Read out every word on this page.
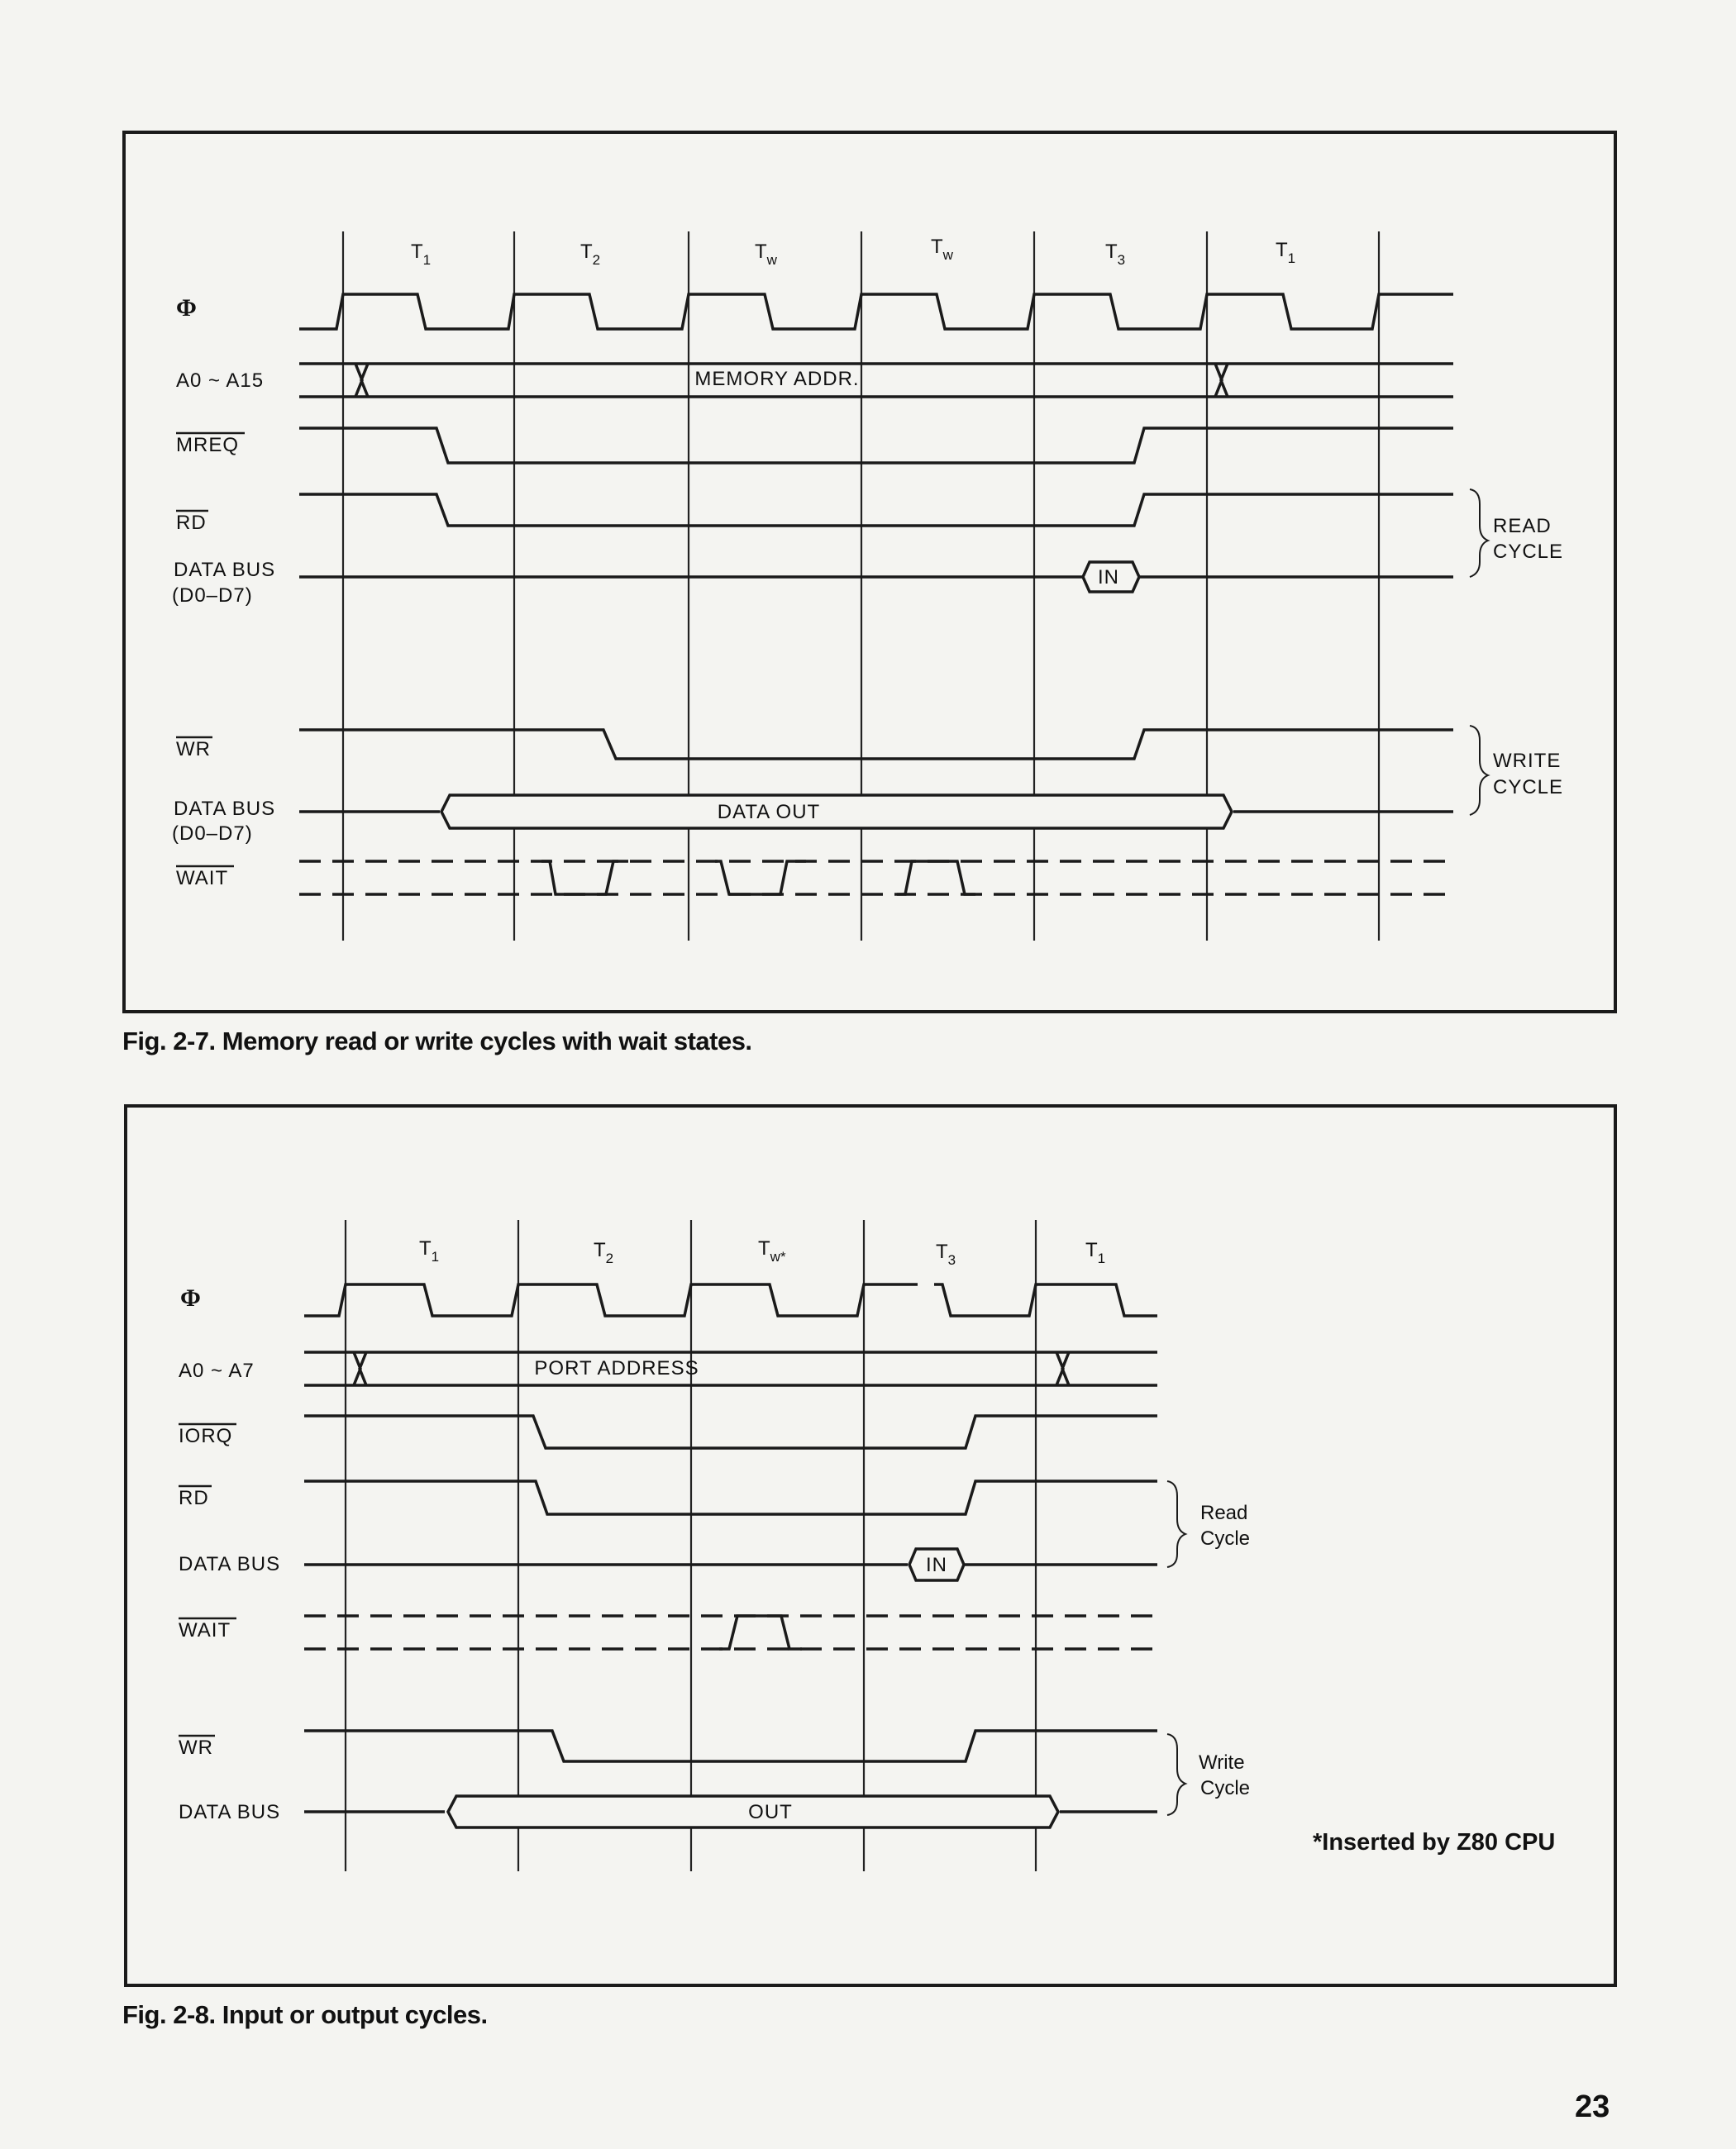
$T_1$	$T_2$	$T_w$
$T_w$	$T_3$	$T_1$
Φ
A0 ~ A15
MREQ
RD
DATA BUS
(D0–D7)
WR
DATA BUS
(D0–D7)
WAIT
MEMORY ADDR.
IN
DATA OUT
READ
CYCLE
WRITE
CYCLE
$T_1$	$T_2$	$T_{w*}$	$T_3$	$T_1$
Φ
A0 ~ A7
IORQ
RD
DATA BUS
WAIT
WR
DATA BUS
PORT ADDRESS
IN
OUT
Read
Cycle
Write
Cycle
*Inserted by Z80 CPU
Fig. 2-7. Memory read or write cycles with wait states.
Fig. 2-8. Input or output cycles.
23
